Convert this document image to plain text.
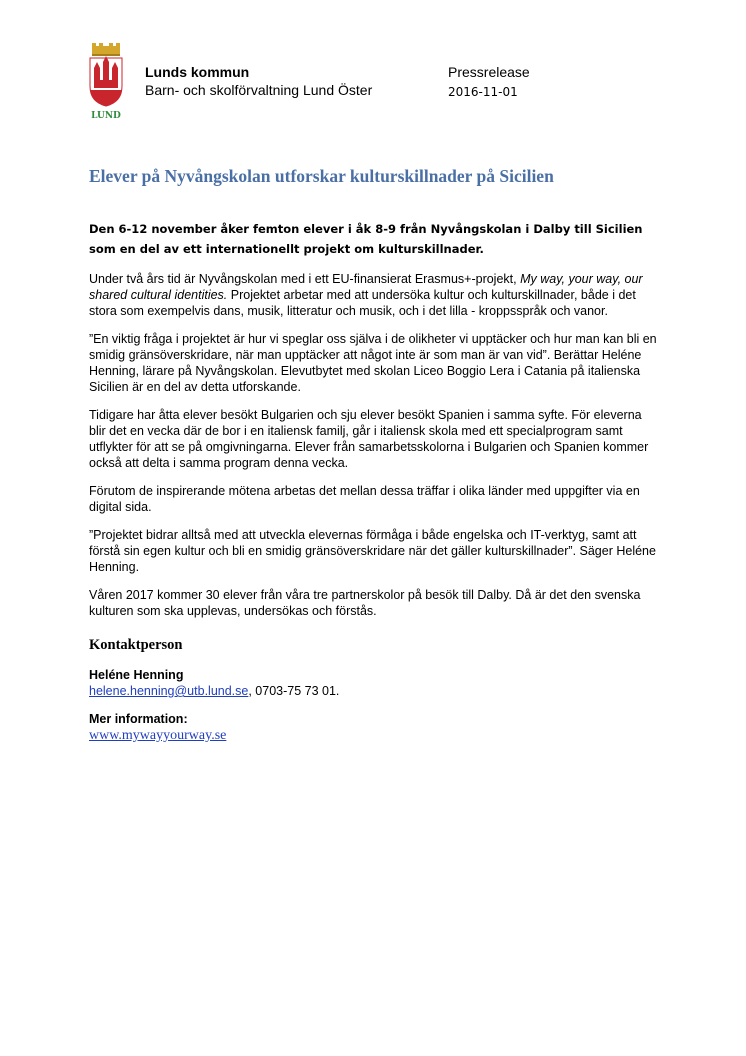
LUND
Lunds kommun
Barn- och skolförvaltning Lund Öster
Pressrelease
2016-11-01
Elever på Nyvångskolan utforskar kulturskillnader på Sicilien

Den 6-12 november åker femton elever i åk 8-9 från Nyvångskolan i Dalby till Sicilien som en del av ett internationellt projekt om kulturskillnader.

Under två års tid är Nyvångskolan med i ett EU-finansierat Erasmus+-projekt, My way, your way, our shared cultural identities. Projektet arbetar med att undersöka kultur och kulturskillnader, både i det stora som exempelvis dans, musik, litteratur och musik, och i det lilla - kroppsspråk och vanor.

”En viktig fråga i projektet är hur vi speglar oss själva i de olikheter vi upptäcker och hur man kan bli en smidig gränsöverskridare, när man upptäcker att något inte är som man är van vid”. Berättar Heléne Henning, lärare på Nyvångskolan. Elevutbytet med skolan Liceo Boggio Lera i Catania på italienska Sicilien är en del av detta utforskande.

Tidigare har åtta elever besökt Bulgarien och sju elever besökt Spanien i samma syfte. För eleverna blir det en vecka där de bor i en italiensk familj, går i italiensk skola med ett specialprogram samt utflykter för att se på omgivningarna. Elever från samarbetsskolorna i Bulgarien och Spanien kommer också att delta i samma program denna vecka.

Förutom de inspirerande mötena arbetas det mellan dessa träffar i olika länder med uppgifter via en digital sida.

”Projektet bidrar alltså med att utveckla elevernas förmåga i både engelska och IT-verktyg, samt att förstå sin egen kultur och bli en smidig gränsöverskridare när det gäller kulturskillnader”. Säger Heléne Henning.

Våren 2017 kommer 30 elever från våra tre partnerskolor på besök till Dalby. Då är det den svenska kulturen som ska upplevas, undersökas och förstås.

Kontaktperson
Heléne Henning
helene.henning@utb.lund.se, 0703-75 73 01.
Mer information:
www.mywayyourway.se
